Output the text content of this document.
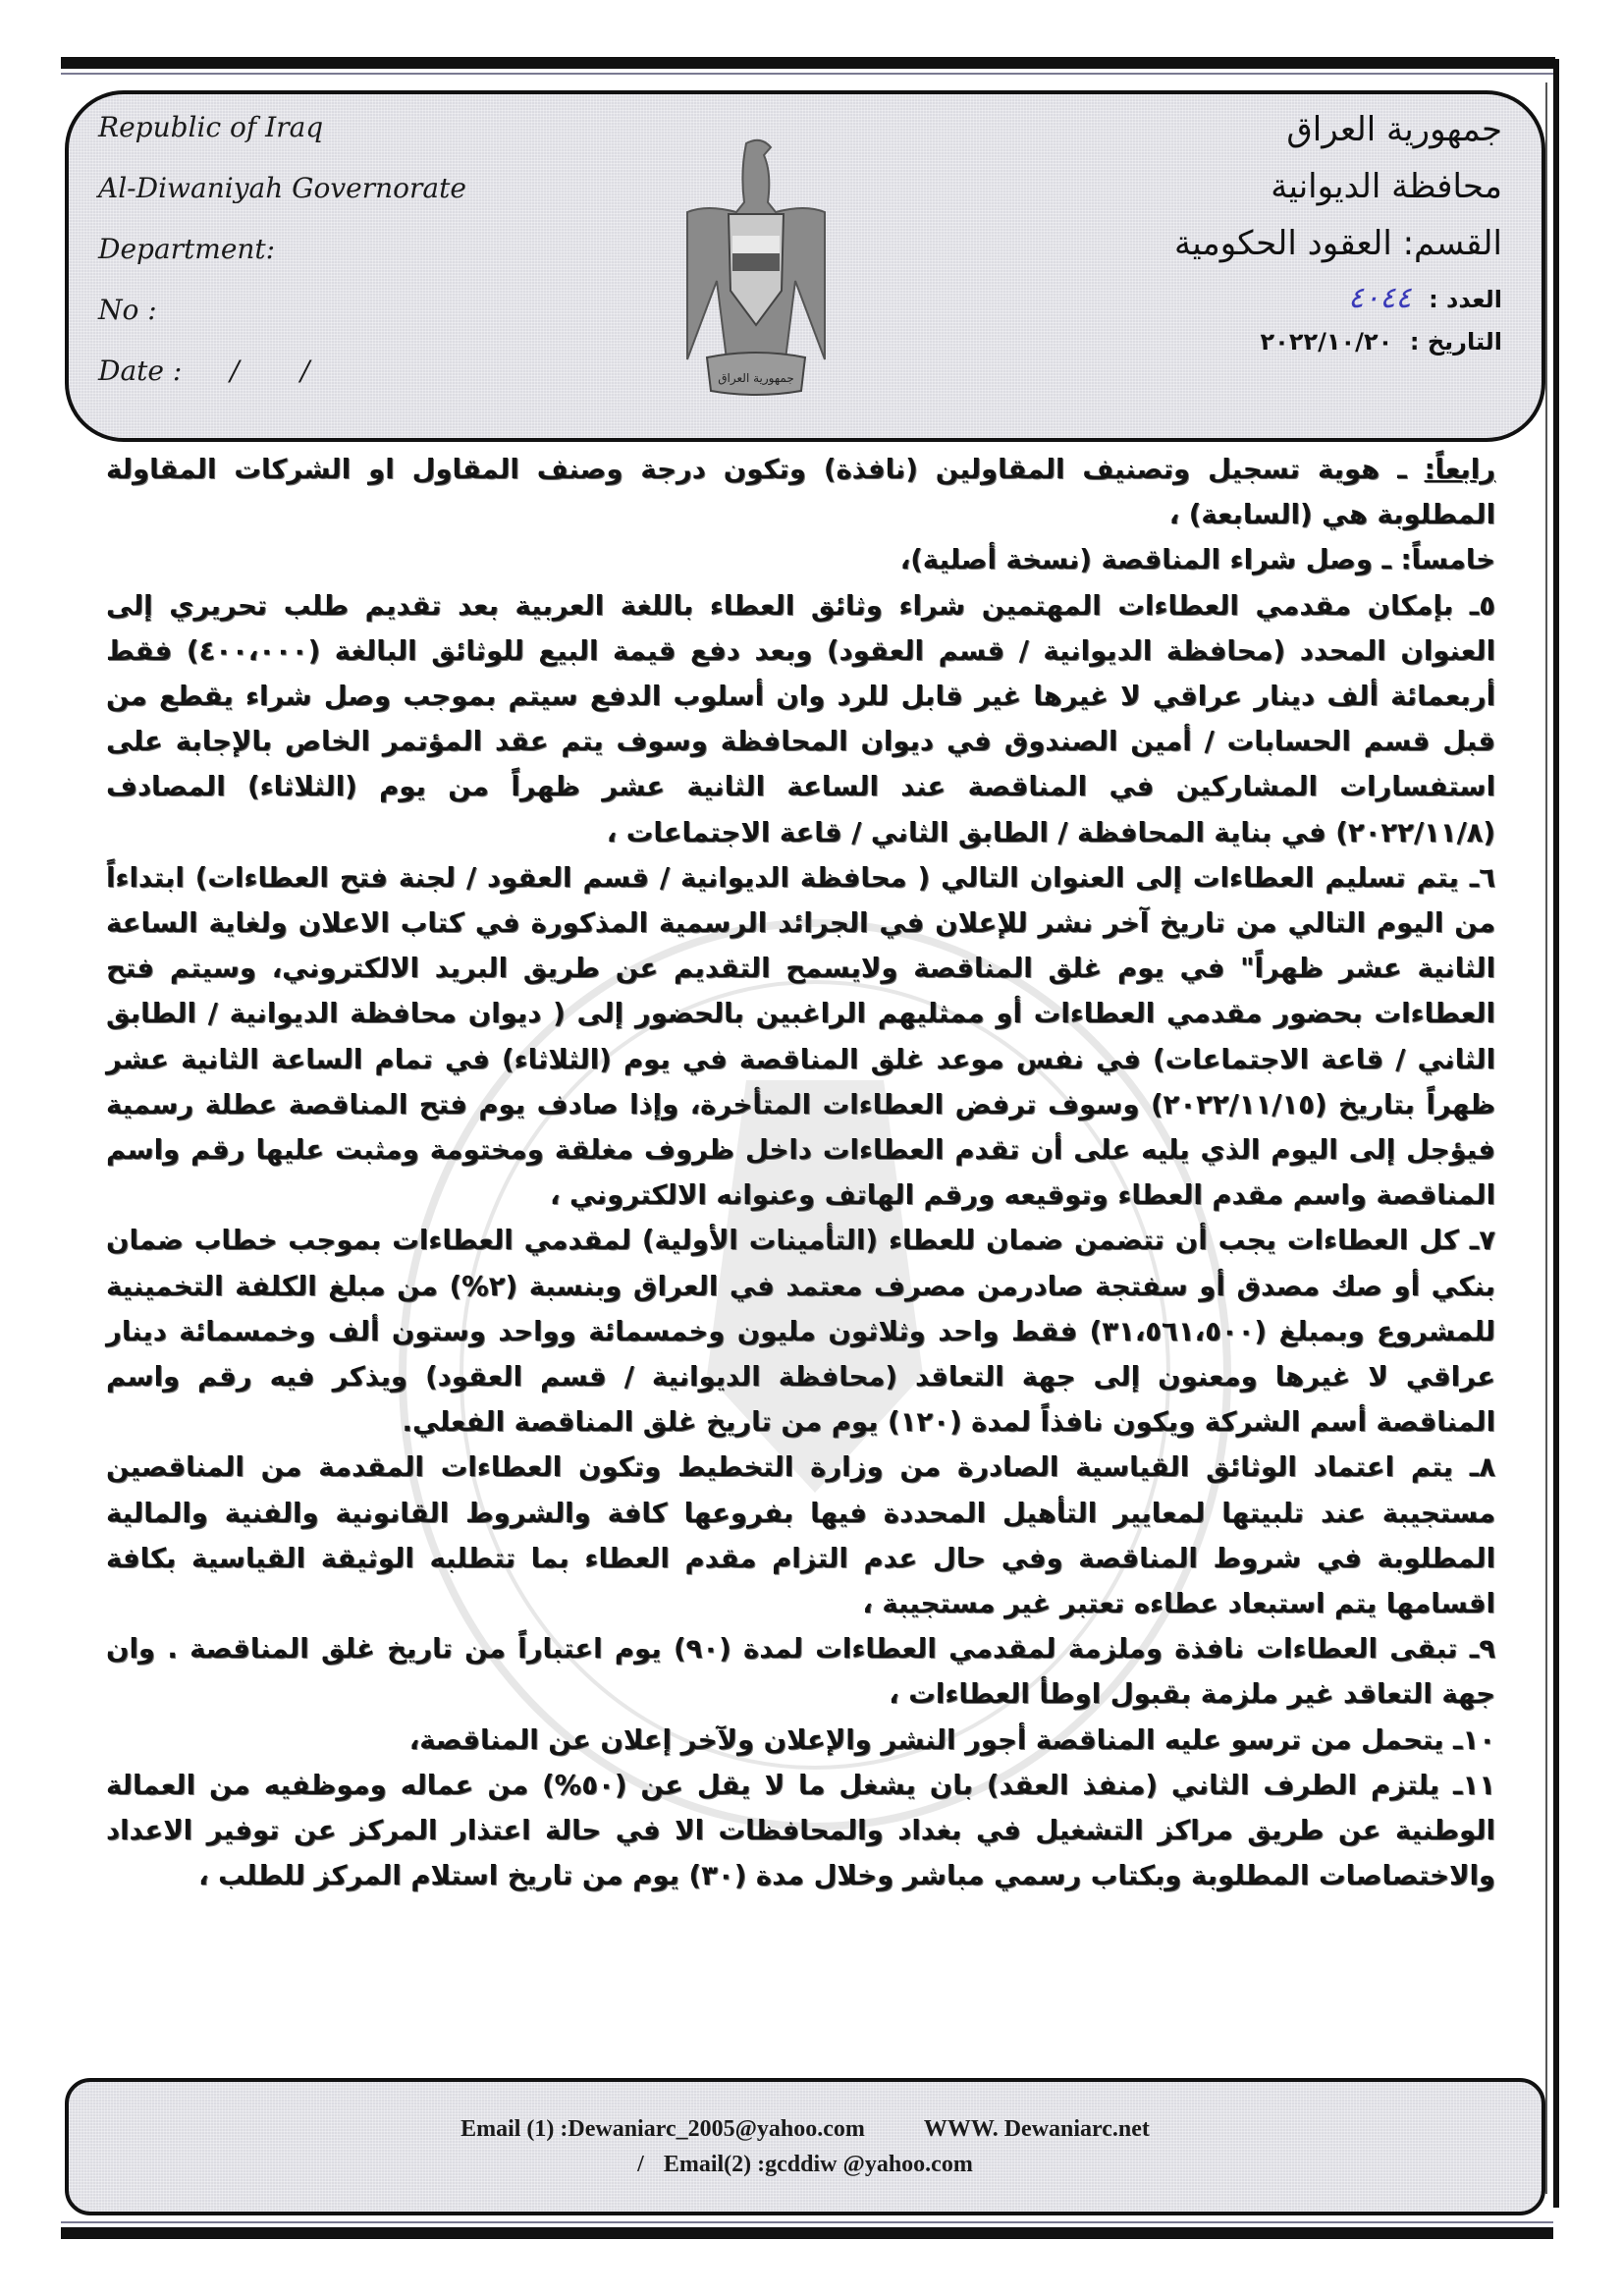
Republic of Iraq
Al-Diwaniyah Governorate
Department:
No :
Date : /       /	جمهورية العراق
جمهورية العراق
محافظة الديوانية
القسم: العقود الحكومية
العدد : ٤٠٤٤
التاريخ : ٢٠٢٢/١٠/٢٠

رابعاً: ـ هوية تسجيل وتصنيف المقاولين (نافذة) وتكون درجة وصنف المقاول او الشركات المقاولة المطلوبة هي (السابعة) ،

خامساً: ـ وصل شراء المناقصة (نسخة أصلية)،

٥ـ بإمكان مقدمي العطاءات المهتمين شراء وثائق العطاء باللغة العربية بعد تقديم طلب تحريري إلى العنوان المحدد (محافظة الديوانية / قسم العقود) وبعد دفع قيمة البيع للوثائق البالغة (٤٠٠،٠٠٠) فقط أربعمائة ألف دينار عراقي لا غيرها غير قابل للرد وان أسلوب الدفع سيتم بموجب وصل شراء يقطع من قبل قسم الحسابات / أمين الصندوق في ديوان المحافظة وسوف يتم عقد المؤتمر الخاص بالإجابة على استفسارات المشاركين في المناقصة عند الساعة الثانية عشر ظهراً من يوم (الثلاثاء) المصادف (٢٠٢٢/١١/٨) في بناية المحافظة / الطابق الثاني / قاعة الاجتماعات ،

٦ـ يتم تسليم العطاءات إلى العنوان التالي ( محافظة الديوانية / قسم العقود / لجنة فتح العطاءات) ابتداءاً من اليوم التالي من تاريخ آخر نشر للإعلان في الجرائد الرسمية المذكورة في كتاب الاعلان ولغاية الساعة الثانية عشر ظهراً" في يوم غلق المناقصة ولايسمح التقديم عن طريق البريد الالكتروني، وسيتم فتح العطاءات بحضور مقدمي العطاءات أو ممثليهم الراغبين بالحضور إلى ( ديوان محافظة الديوانية / الطابق الثاني / قاعة الاجتماعات) في نفس موعد غلق المناقصة في يوم (الثلاثاء) في تمام الساعة الثانية عشر ظهراً بتاريخ (٢٠٢٢/١١/١٥) وسوف ترفض العطاءات المتأخرة، وإذا صادف يوم فتح المناقصة عطلة رسمية فيؤجل إلى اليوم الذي يليه على أن تقدم العطاءات داخل ظروف مغلقة ومختومة ومثبت عليها رقم واسم المناقصة واسم مقدم العطاء وتوقيعه ورقم الهاتف وعنوانه الالكتروني ،

٧ـ كل العطاءات يجب أن تتضمن ضمان للعطاء (التأمينات الأولية) لمقدمي العطاءات بموجب خطاب ضمان بنكي أو صك مصدق أو سفتجة صادرمن مصرف معتمد في العراق وبنسبة (٢%) من مبلغ الكلفة التخمينية للمشروع وبمبلغ (٣١،٥٦١،٥٠٠) فقط واحد وثلاثون مليون وخمسمائة وواحد وستون ألف وخمسمائة دينار عراقي لا غيرها ومعنون إلى جهة التعاقد (محافظة الديوانية / قسم العقود) ويذكر فيه رقم واسم المناقصة أسم الشركة ويكون نافذاً لمدة (١٢٠) يوم من تاريخ غلق المناقصة الفعلي.

٨ـ يتم اعتماد الوثائق القياسية الصادرة من وزارة التخطيط وتكون العطاءات المقدمة من المناقصين مستجيبة عند تلبيتها لمعايير التأهيل المحددة فيها بفروعها كافة والشروط القانونية والفنية والمالية المطلوبة في شروط المناقصة وفي حال عدم التزام مقدم العطاء بما تتطلبه الوثيقة القياسية بكافة اقسامها يتم استبعاد عطاءه تعتبر غير مستجيبة ،

٩ـ تبقى العطاءات نافذة وملزمة لمقدمي العطاءات لمدة (٩٠) يوم اعتباراً من تاريخ غلق المناقصة . وان جهة التعاقد غير ملزمة بقبول اوطأ العطاءات ،

١٠ـ يتحمل من ترسو عليه المناقصة أجور النشر والإعلان ولآخر إعلان عن المناقصة،

١١ـ يلتزم الطرف الثاني (منفذ العقد) بان يشغل ما لا يقل عن (٥٠%) من عماله وموظفيه من العمالة الوطنية عن طريق مراكز التشغيل في بغداد والمحافظات الا في حالة اعتذار المركز عن توفير الاعداد والاختصاصات المطلوبة وبكتاب رسمي مباشر وخلال مدة (٣٠) يوم من تاريخ استلام المركز للطلب ،

Email (1) :Dewaniarc_2005@yahoo.com	WWW. Dewaniarc.net
/ Email(2) :gcddiw @yahoo.com
